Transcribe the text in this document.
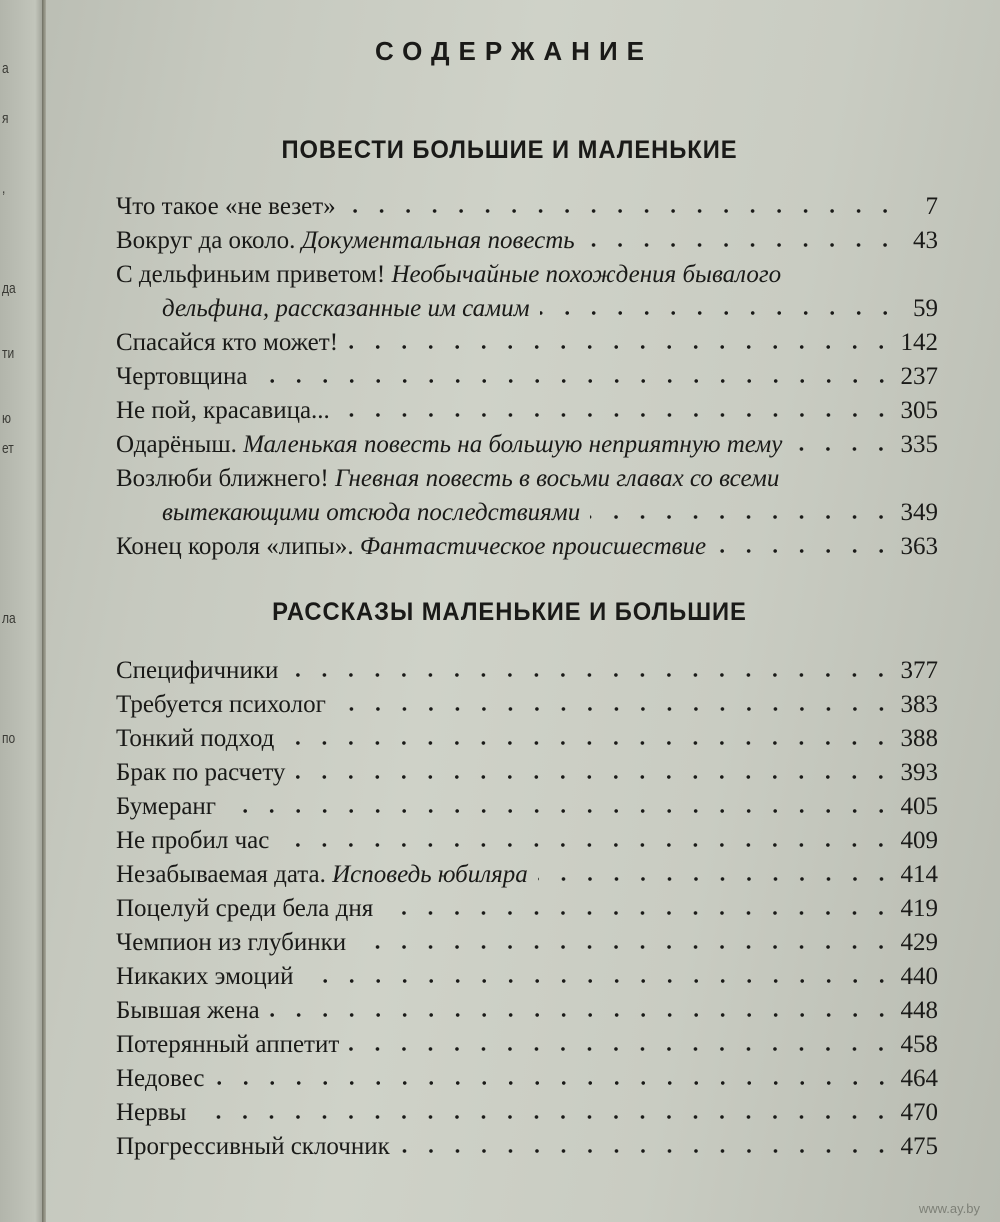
а
я
,
да
ти
ю
ет
ла
по
СОДЕРЖАНИЕ
ПОВЕСТИ БОЛЬШИЕ И МАЛЕНЬКИЕ
Что такое «не везет»	7
Вокруг да около. Документальная повесть	43
С дельфиньим приветом! Необычайные похождения бывалого
дельфина, рассказанные им самим	59
Спасайся кто может!	142
Чертовщина	237
Не пой, красавица...	305
Одарёныш. Маленькая повесть на большую неприятную тему	335
Возлюби ближнего! Гневная повесть в восьми главах со всеми
вытекающими отсюда последствиями	349
Конец короля «липы». Фантастическое происшествие	363
РАССКАЗЫ МАЛЕНЬКИЕ И БОЛЬШИЕ
Специфичники	377
Требуется психолог	383
Тонкий подход	388
Брак по расчету	393
Бумеранг	405
Не пробил час	409
Незабываемая дата. Исповедь юбиляра	414
Поцелуй среди бела дня	419
Чемпион из глубинки	429
Никаких эмоций	440
Бывшая жена	448
Потерянный аппетит	458
Недовес	464
Нервы	470
Прогрессивный склочник	475
www.ay.by
